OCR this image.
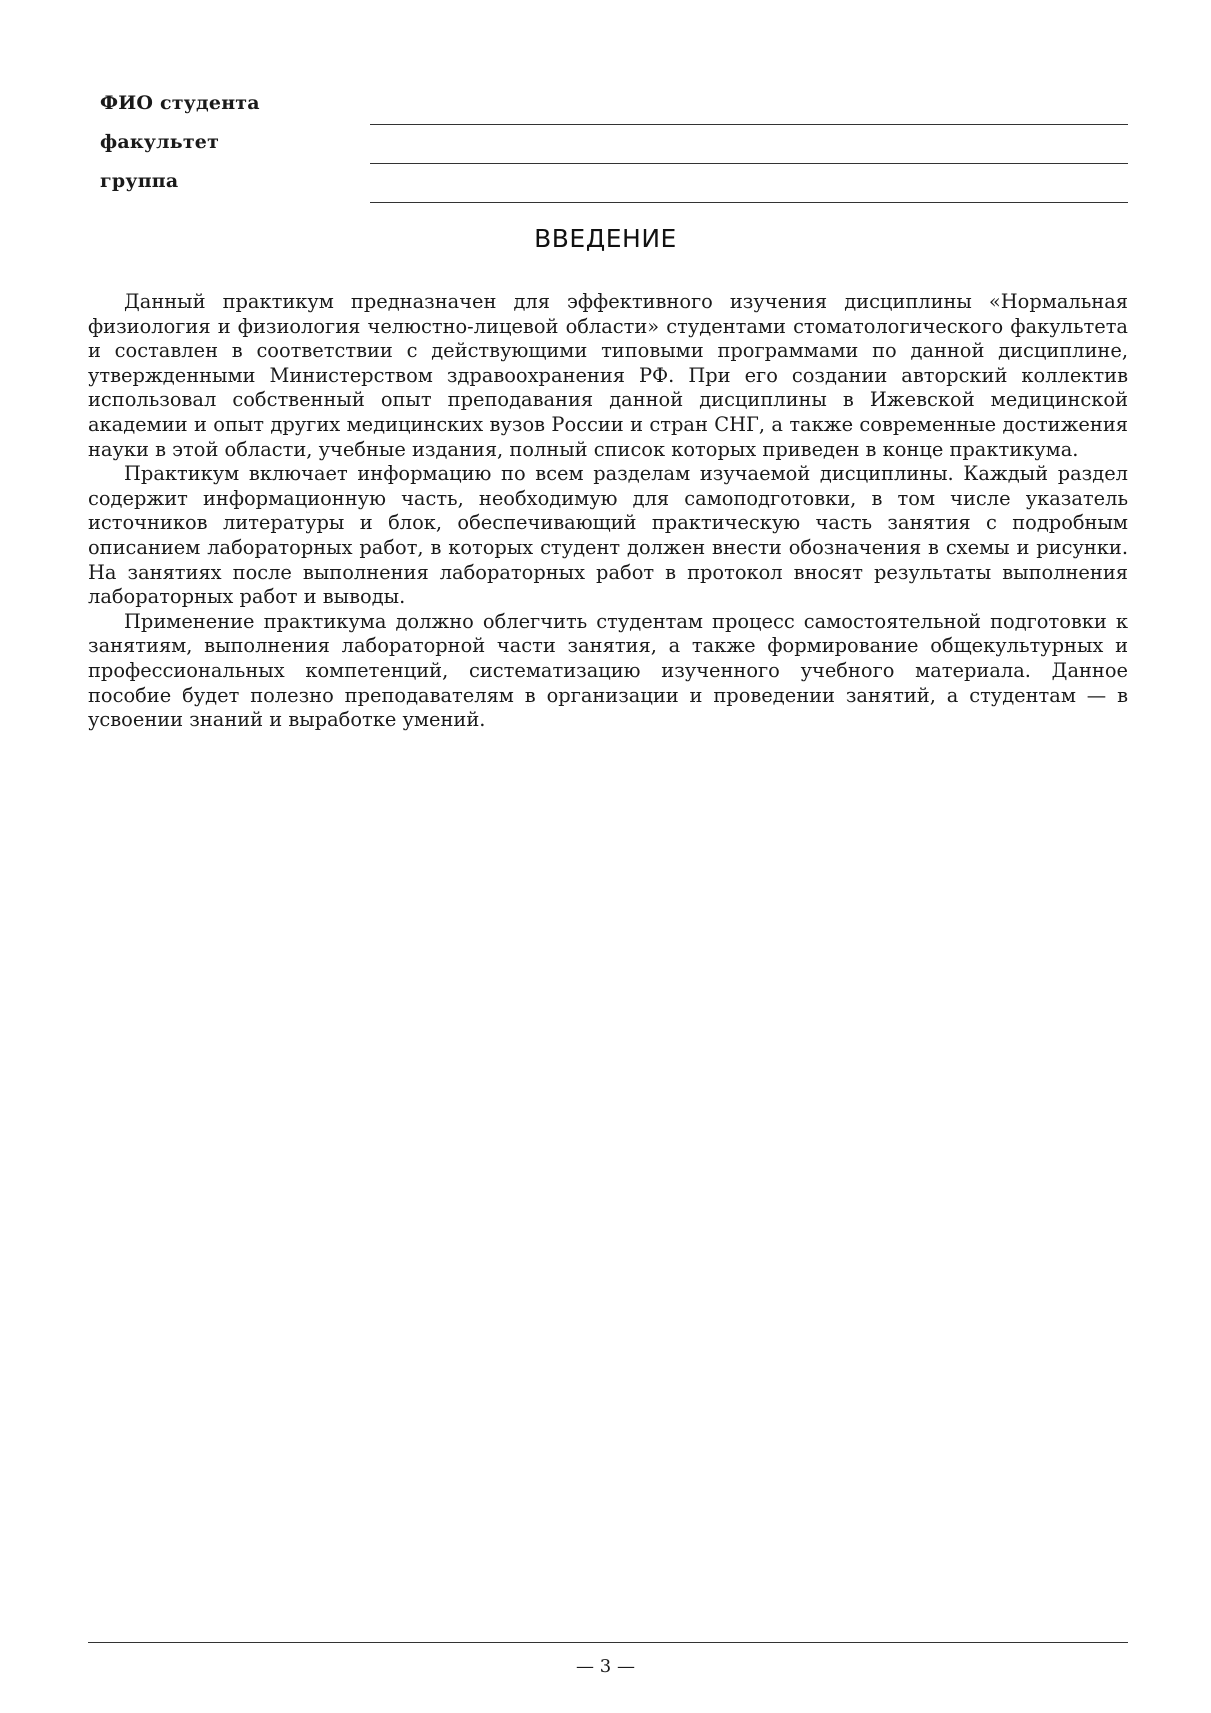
ФИО студента
факультет
группа
ВВЕДЕНИЕ

Данный практикум предназначен для эффективного изучения дисциплины «Нормальная физиология и физиология челюстно-лицевой области» студентами стоматологического факультета и составлен в соответствии с действующими типовыми программами по данной дисциплине, утвержденными Министерством здравоохранения РФ. При его создании авторский коллектив использовал собственный опыт преподавания данной дисциплины в Ижевской медицинской академии и опыт других медицинских вузов России и стран СНГ, а также современные достижения науки в этой области, учебные издания, полный список которых приведен в конце практикума.

Практикум включает информацию по всем разделам изучаемой дисциплины. Каждый раздел содержит информационную часть, необходимую для самоподготовки, в том числе указатель источников литературы и блок, обеспечивающий практическую часть занятия с подробным описанием лабораторных работ, в которых студент должен внести обозначения в схемы и рисунки. На занятиях после выполнения лабораторных работ в протокол вносят результаты выполнения лабораторных работ и выводы.

Применение практикума должно облегчить студентам процесс самостоятельной подготовки к занятиям, выполнения лабораторной части занятия, а также формирование общекультурных и профессиональных компетенций, систематизацию изученного учебного материала. Данное пособие будет полезно преподавателям в организации и проведении занятий, а студентам — в усвоении знаний и выработке умений.

— 3 —
